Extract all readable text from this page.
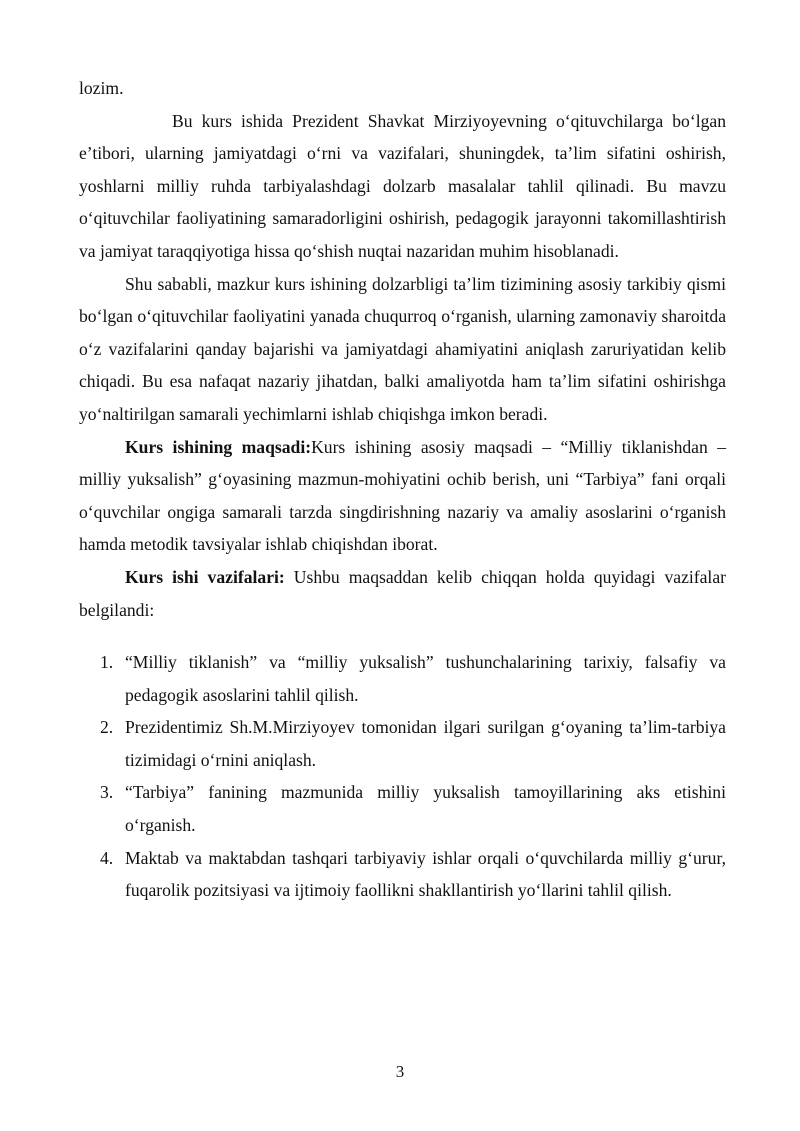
lozim.

Bu kurs ishida Prezident Shavkat Mirziyoyevning o‘qituvchilarga bo‘lgan e’tibori, ularning jamiyatdagi o‘rni va vazifalari, shuningdek, ta’lim sifatini oshirish, yoshlarni milliy ruhda tarbiyalashdagi dolzarb masalalar tahlil qilinadi. Bu mavzu o‘qituvchilar faoliyatining samaradorligini oshirish, pedagogik jarayonni takomillashtirish va jamiyat taraqqiyotiga hissa qo‘shish nuqtai nazaridan muhim hisoblanadi.

Shu sababli, mazkur kurs ishining dolzarbligi ta’lim tizimining asosiy tarkibiy qismi bo‘lgan o‘qituvchilar faoliyatini yanada chuqurroq o‘rganish, ularning zamonaviy sharoitda o‘z vazifalarini qanday bajarishi va jamiyatdagi ahamiyatini aniqlash zaruriyatidan kelib chiqadi. Bu esa nafaqat nazariy jihatdan, balki amaliyotda ham ta’lim sifatini oshirishga yo‘naltirilgan samarali yechimlarni ishlab chiqishga imkon beradi.

Kurs ishining maqsadi:Kurs ishining asosiy maqsadi – “Milliy tiklanishdan – milliy yuksalish” g‘oyasining mazmun-mohiyatini ochib berish, uni “Tarbiya” fani orqali o‘quvchilar ongiga samarali tarzda singdirishning nazariy va amaliy asoslarini o‘rganish hamda metodik tavsiyalar ishlab chiqishdan iborat.

Kurs ishi vazifalari: Ushbu maqsaddan kelib chiqqan holda quyidagi vazifalar belgilandi:

1. “Milliy tiklanish” va “milliy yuksalish” tushunchalarining tarixiy, falsafiy va pedagogik asoslarini tahlil qilish.
2. Prezidentimiz Sh.M.Mirziyoyev tomonidan ilgari surilgan g‘oyaning ta’lim-tarbiya tizimidagi o‘rnini aniqlash.
3. “Tarbiya” fanining mazmunida milliy yuksalish tamoyillarining aks etishini o‘rganish.
4. Maktab va maktabdan tashqari tarbiyaviy ishlar orqali o‘quvchilarda milliy g‘urur, fuqarolik pozitsiyasi va ijtimoiy faollikni shakllantirish yo‘llarini tahlil qilish.
3
